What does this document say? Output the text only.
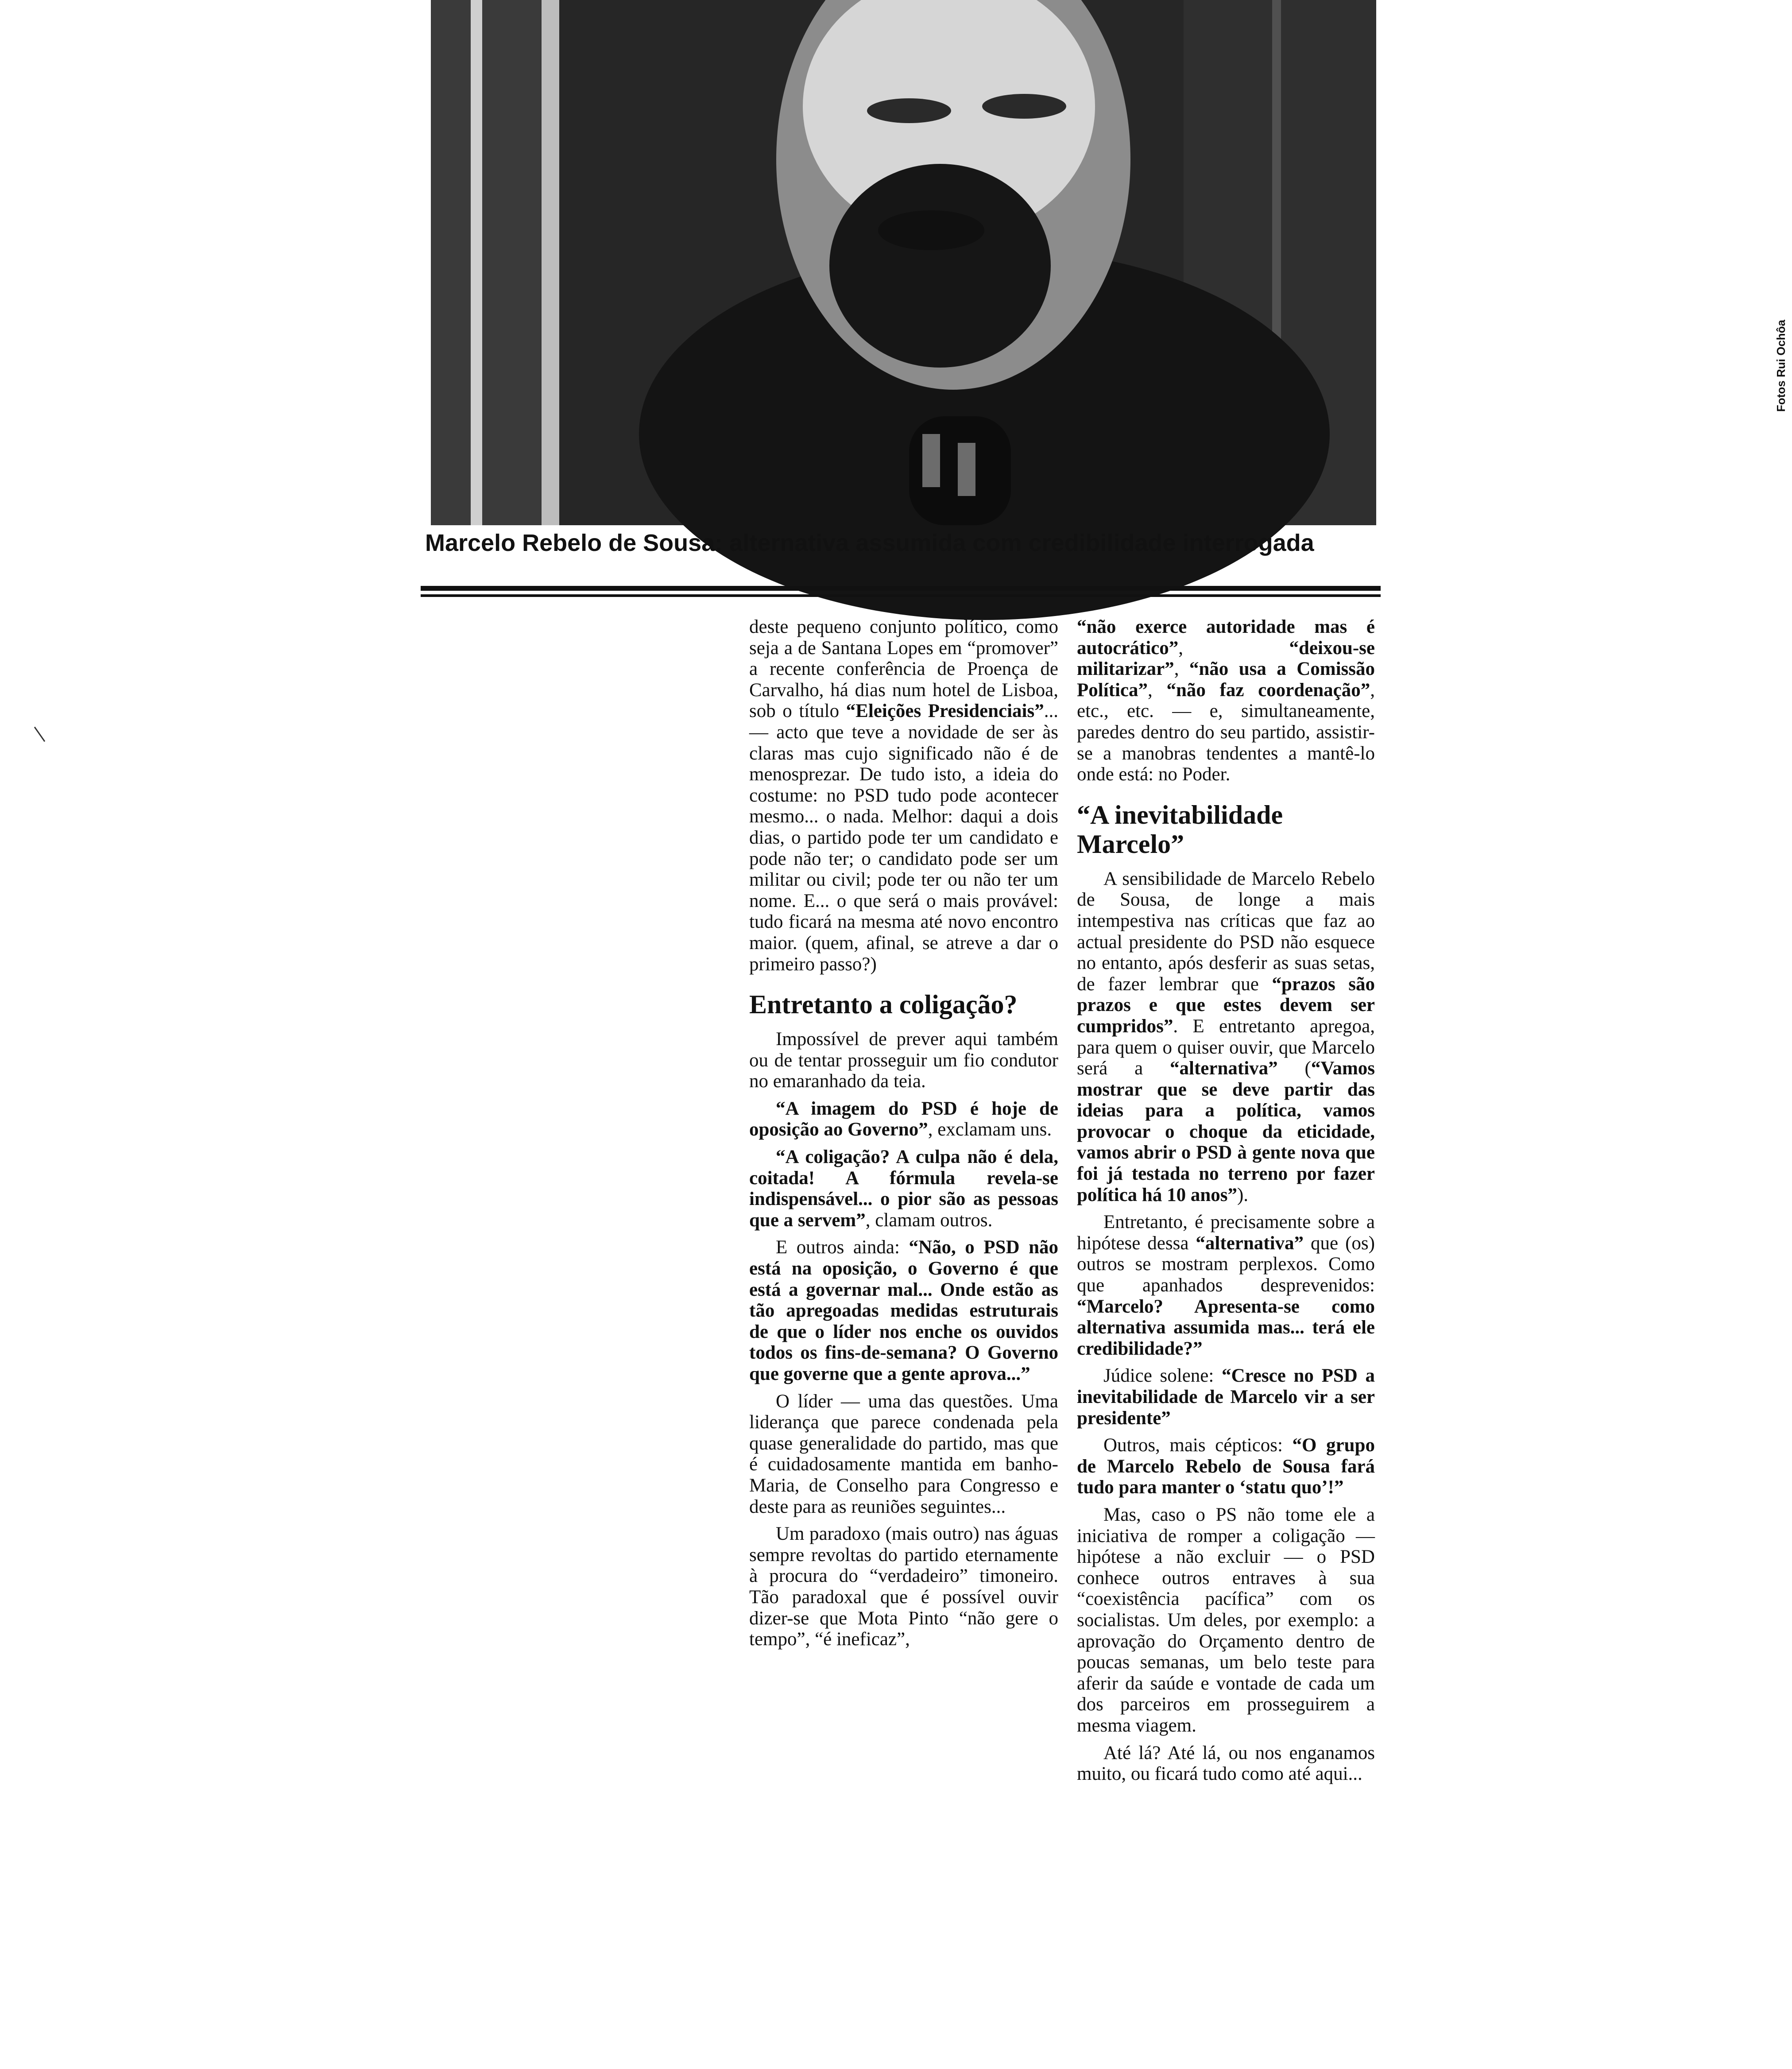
Fotos Rui Ochôa
Marcelo Rebelo de Sousa: alternativa assumida com credibilidade interrogada

deste pequeno conjunto político, como seja a de Santana Lopes em “promover” a recente conferência de Proença de Carvalho, há dias num hotel de Lisboa, sob o título “Eleições Presidenciais”... — acto que teve a novidade de ser às claras mas cujo significado não é de menosprezar. De tudo isto, a ideia do costume: no PSD tudo pode acontecer mesmo... o nada. Melhor: daqui a dois dias, o partido pode ter um candidato e pode não ter; o candidato pode ser um militar ou civil; pode ter ou não ter um nome. E... o que será o mais provável: tudo ficará na mesma até novo encontro maior. (quem, afinal, se atreve a dar o primeiro passo?)

Entretanto a coligação?

Impossível de prever aqui também ou de tentar prosseguir um fio condutor no emaranhado da teia.

“A imagem do PSD é hoje de oposição ao Governo”, exclamam uns.

“A coligação? A culpa não é dela, coitada! A fórmula revela-se indispensável... o pior são as pessoas que a servem”, clamam outros.

E outros ainda: “Não, o PSD não está na oposição, o Governo é que está a governar mal... Onde estão as tão apregoadas medidas estruturais de que o líder nos enche os ouvidos todos os fins-de-semana? O Governo que governe que a gente aprova...”

O líder — uma das questões. Uma liderança que parece condenada pela quase generalidade do partido, mas que é cuidadosamente mantida em banho-Maria, de Conselho para Congresso e deste para as reuniões seguintes...

Um paradoxo (mais outro) nas águas sempre revoltas do partido eternamente à procura do “verdadeiro” timoneiro. Tão paradoxal que é possível ouvir dizer-se que Mota Pinto “não gere o tempo”, “é ineficaz”,

“não exerce autoridade mas é autocrático”, “deixou-se militarizar”, “não usa a Comissão Política”, “não faz coordenação”, etc., etc. — e, simultaneamente, paredes dentro do seu partido, assistir-se a manobras tendentes a mantê-lo onde está: no Poder.

“A inevitabilidade Marcelo”

A sensibilidade de Marcelo Rebelo de Sousa, de longe a mais intempestiva nas críticas que faz ao actual presidente do PSD não esquece no entanto, após desferir as suas setas, de fazer lembrar que “prazos são prazos e que estes devem ser cumpridos”. E entretanto apregoa, para quem o quiser ouvir, que Marcelo será a “alternativa” (“Vamos mostrar que se deve partir das ideias para a política, vamos provocar o choque da eticidade, vamos abrir o PSD à gente nova que foi já testada no terreno por fazer política há 10 anos”).

Entretanto, é precisamente sobre a hipótese dessa “alternativa” que (os) outros se mostram perplexos. Como que apanhados desprevenidos: “Marcelo? Apresenta-se como alternativa assumida mas... terá ele credibilidade?”

Júdice solene: “Cresce no PSD a inevitabilidade de Marcelo vir a ser presidente”

Outros, mais cépticos: “O grupo de Marcelo Rebelo de Sousa fará tudo para manter o ‘statu quo’!”

Mas, caso o PS não tome ele a iniciativa de romper a coligação — hipótese a não excluir — o PSD conhece outros entraves à sua “coexistência pacífica” com os socialistas. Um deles, por exemplo: a aprovação do Orçamento dentro de poucas semanas, um belo teste para aferir da saúde e vontade de cada um dos parceiros em prosseguirem a mesma viagem.

Até lá? Até lá, ou nos enganamos muito, ou ficará tudo como até aqui...
